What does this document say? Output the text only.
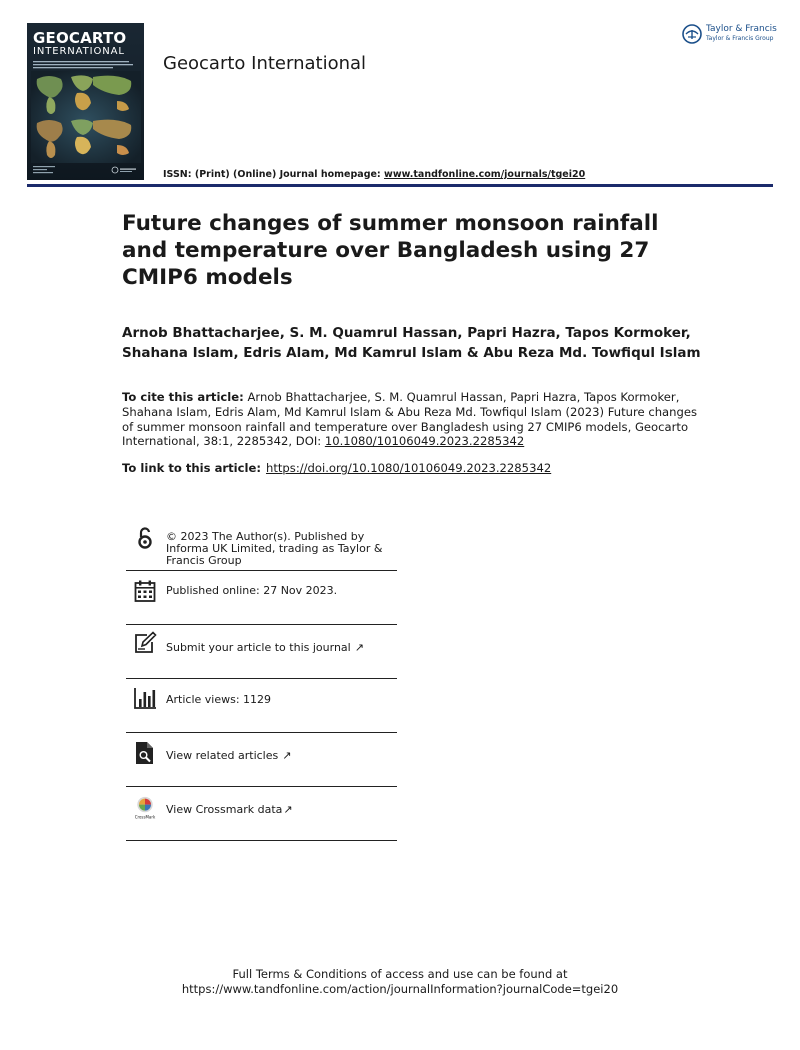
GEOCARTO
INTERNATIONAL
Geocarto International
Taylor & Francis
Taylor & Francis Group
ISSN: (Print) (Online) Journal homepage: www.tandfonline.com/journals/tgei20
Future changes of summer monsoon rainfall and temperature over Bangladesh using 27 CMIP6 models
Arnob Bhattacharjee, S. M. Quamrul Hassan, Papri Hazra, Tapos Kormoker, Shahana Islam, Edris Alam, Md Kamrul Islam & Abu Reza Md. Towfiqul Islam
To cite this article: Arnob Bhattacharjee, S. M. Quamrul Hassan, Papri Hazra, Tapos Kormoker, Shahana Islam, Edris Alam, Md Kamrul Islam & Abu Reza Md. Towfiqul Islam (2023) Future changes of summer monsoon rainfall and temperature over Bangladesh using 27 CMIP6 models, Geocarto International, 38:1, 2285342, DOI: 10.1080/10106049.2023.2285342
To link to this article: https://doi.org/10.1080/10106049.2023.2285342
© 2023 The Author(s). Published by Informa UK Limited, trading as Taylor & Francis Group
Published online: 27 Nov 2023.
Submit your article to this journal ↗
Article views: 1129
View related articles ↗
CrossMark
View Crossmark data↗
Full Terms & Conditions of access and use can be found at
https://www.tandfonline.com/action/journalInformation?journalCode=tgei20
